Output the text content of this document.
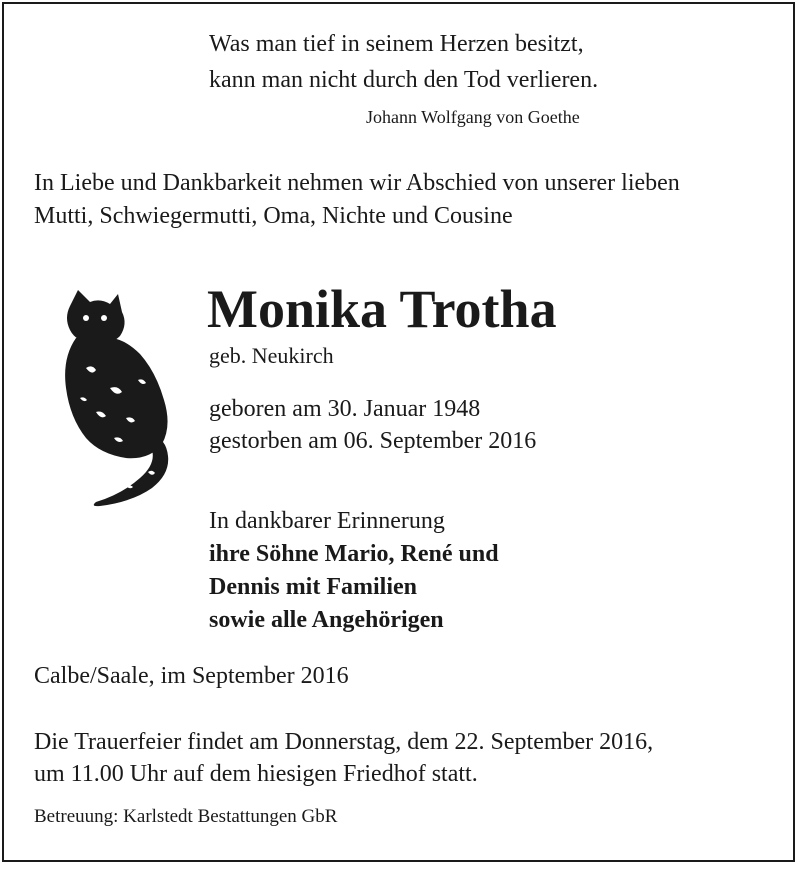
Was man tief in seinem Herzen besitzt,
kann man nicht durch den Tod verlieren.
Johann Wolfgang von Goethe
In Liebe und Dankbarkeit nehmen wir Abschied von unserer lieben
Mutti, Schwiegermutti, Oma, Nichte und Cousine
Monika Trotha
geb. Neukirch
geboren am 30. Januar 1948
gestorben am 06. September 2016
In dankbarer Erinnerung
ihre Söhne Mario, René und
Dennis mit Familien
sowie alle Angehörigen
Calbe/Saale, im September 2016
Die Trauerfeier findet am Donnerstag, dem 22. September 2016,
um 11.00 Uhr auf dem hiesigen Friedhof statt.
Betreuung: Karlstedt Bestattungen GbR
